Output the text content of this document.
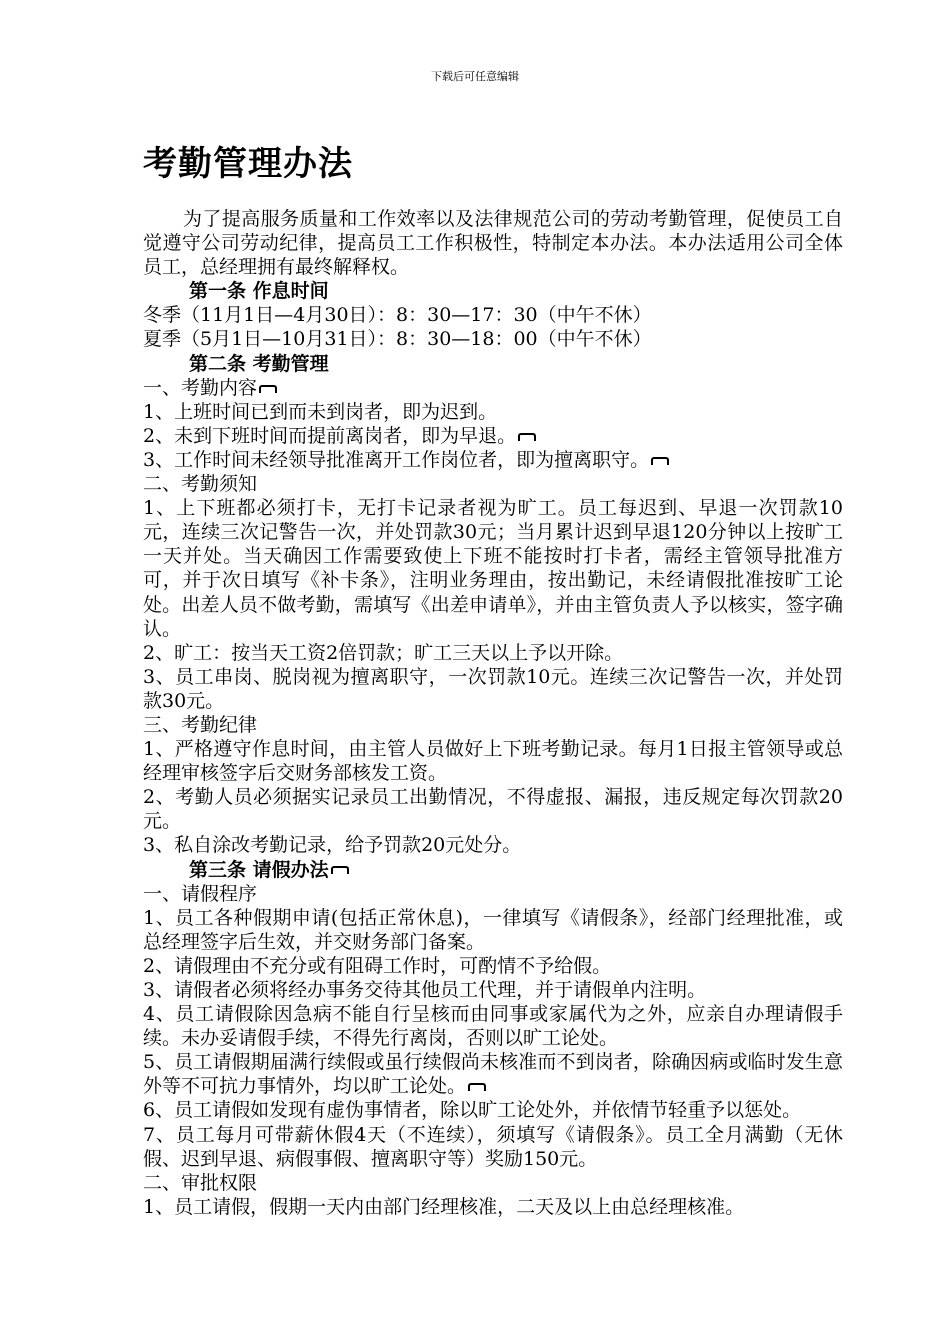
下载后可任意编辑
考勤管理办法

为了提高服务质量和工作效率以及法律规范公司的劳动考勤管理，促使员工自觉遵守公司劳动纪律，提高员工工作积极性，特制定本办法。本办法适用公司全体员工，总经理拥有最终解释权。

第一条 作息时间

冬季（11月1日—4月30日）：8：30—17：30（中午不休）

夏季（5月1日—10月31日）：8：30—18：00（中午不休）

第二条 考勤管理

一、考勤内容

1、上班时间已到而未到岗者，即为迟到。

2、未到下班时间而提前离岗者，即为早退。

3、工作时间未经领导批准离开工作岗位者，即为擅离职守。

二、考勤须知

1、上下班都必须打卡，无打卡记录者视为旷工。员工每迟到、早退一次罚款10元，连续三次记警告一次，并处罚款30元；当月累计迟到早退120分钟以上按旷工一天并处。当天确因工作需要致使上下班不能按时打卡者，需经主管领导批准方可，并于次日填写《补卡条》，注明业务理由，按出勤记，未经请假批准按旷工论处。出差人员不做考勤，需填写《出差申请单》，并由主管负责人予以核实，签字确认。

2、旷工：按当天工资2倍罚款；旷工三天以上予以开除。

3、员工串岗、脱岗视为擅离职守，一次罚款10元。连续三次记警告一次，并处罚款30元。

三、考勤纪律

1、严格遵守作息时间，由主管人员做好上下班考勤记录。每月1日报主管领导或总经理审核签字后交财务部核发工资。

2、考勤人员必须据实记录员工出勤情况，不得虚报、漏报，违反规定每次罚款20元。

3、私自涂改考勤记录，给予罚款20元处分。

第三条 请假办法

一、请假程序

1、员工各种假期申请(包括正常休息)，一律填写《请假条》，经部门经理批准，或总经理签字后生效，并交财务部门备案。

2、请假理由不充分或有阻碍工作时，可酌情不予给假。

3、请假者必须将经办事务交待其他员工代理，并于请假单内注明。

4、员工请假除因急病不能自行呈核而由同事或家属代为之外，应亲自办理请假手续。未办妥请假手续，不得先行离岗，否则以旷工论处。

5、员工请假期届满行续假或虽行续假尚未核准而不到岗者，除确因病或临时发生意外等不可抗力事情外，均以旷工论处。

6、员工请假如发现有虚伪事情者，除以旷工论处外，并依情节轻重予以惩处。

7、员工每月可带薪休假4天（不连续），须填写《请假条》。员工全月满勤（无休假、迟到早退、病假事假、擅离职守等）奖励150元。

二、审批权限

1、员工请假，假期一天内由部门经理核准，二天及以上由总经理核准。
